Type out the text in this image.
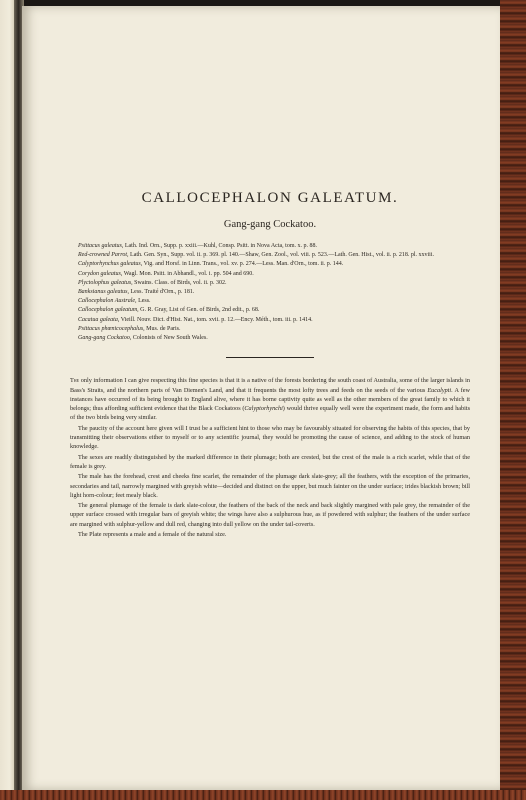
CALLOCEPHALON GALEATUM.
Gang-gang Cockatoo.
Psittacus galeatus, Lath. Ind. Orn., Supp. p. xxiii.—Kuhl, Consp. Psitt. in Nova Acta, tom. x. p. 88.
Red-crowned Parrot, Lath. Gen. Syn., Supp. vol. ii. p. 369. pl. 140.—Shaw, Gen. Zool., vol. viii. p. 523.—Lath. Gen. Hist., vol. ii. p. 218. pl. xxviii.
Calyptorhynchus galeatus, Vig. and Horsf. in Linn. Trans., vol. xv. p. 274.—Less. Man. d'Orn., tom. ii. p. 144.
Corydon galeatus, Wagl. Mon. Psitt. in Abhandl., vol. i. pp. 504 and 690.
Plyctolophus galeatus, Swains. Class. of Birds, vol. ii. p. 302.
Banksianus galeatus, Less. Traité d'Orn., p. 181.
Callocephalon Australe, Less.
Callocephalon galeatum, G. R. Gray, List of Gen. of Birds, 2nd edit., p. 68.
Cacatua galeata, Vieill. Nouv. Dict. d'Hist. Nat., tom. xvii. p. 12.—Ency. Méth., tom. iii. p. 1414.
Psittacus phœnicocephalus, Mus. de Paris.
Gang-gang Cockatoo, Colonists of New South Wales.

The only information I can give respecting this fine species is that it is a native of the forests bordering the south coast of Australia, some of the larger islands in Bass's Straits, and the northern parts of Van Diemen's Land, and that it frequents the most lofty trees and feeds on the seeds of the various Eucalypti. A few instances have occurred of its being brought to England alive, where it has borne captivity quite as well as the other members of the great family to which it belongs; thus affording sufficient evidence that the Black Cockatoos (Calyptorhynchi) would thrive equally well were the experiment made, the form and habits of the two birds being very similar.

The paucity of the account here given will I trust be a sufficient hint to those who may be favourably situated for observing the habits of this species, that by transmitting their observations either to myself or to any scientific journal, they would be promoting the cause of science, and adding to the stock of human knowledge.

The sexes are readily distinguished by the marked difference in their plumage; both are crested, but the crest of the male is a rich scarlet, while that of the female is grey.

The male has the forehead, crest and cheeks fine scarlet, the remainder of the plumage dark slate-grey; all the feathers, with the exception of the primaries, secondaries and tail, narrowly margined with greyish white—decided and distinct on the upper, but much fainter on the under surface; irides blackish brown; bill light horn-colour; feet mealy black.

The general plumage of the female is dark slate-colour, the feathers of the back of the neck and back slightly margined with pale grey, the remainder of the upper surface crossed with irregular bars of greyish white; the wings have also a sulphurous hue, as if powdered with sulphur; the feathers of the under surface are margined with sulphur-yellow and dull red, changing into dull yellow on the under tail-coverts.

The Plate represents a male and a female of the natural size.
